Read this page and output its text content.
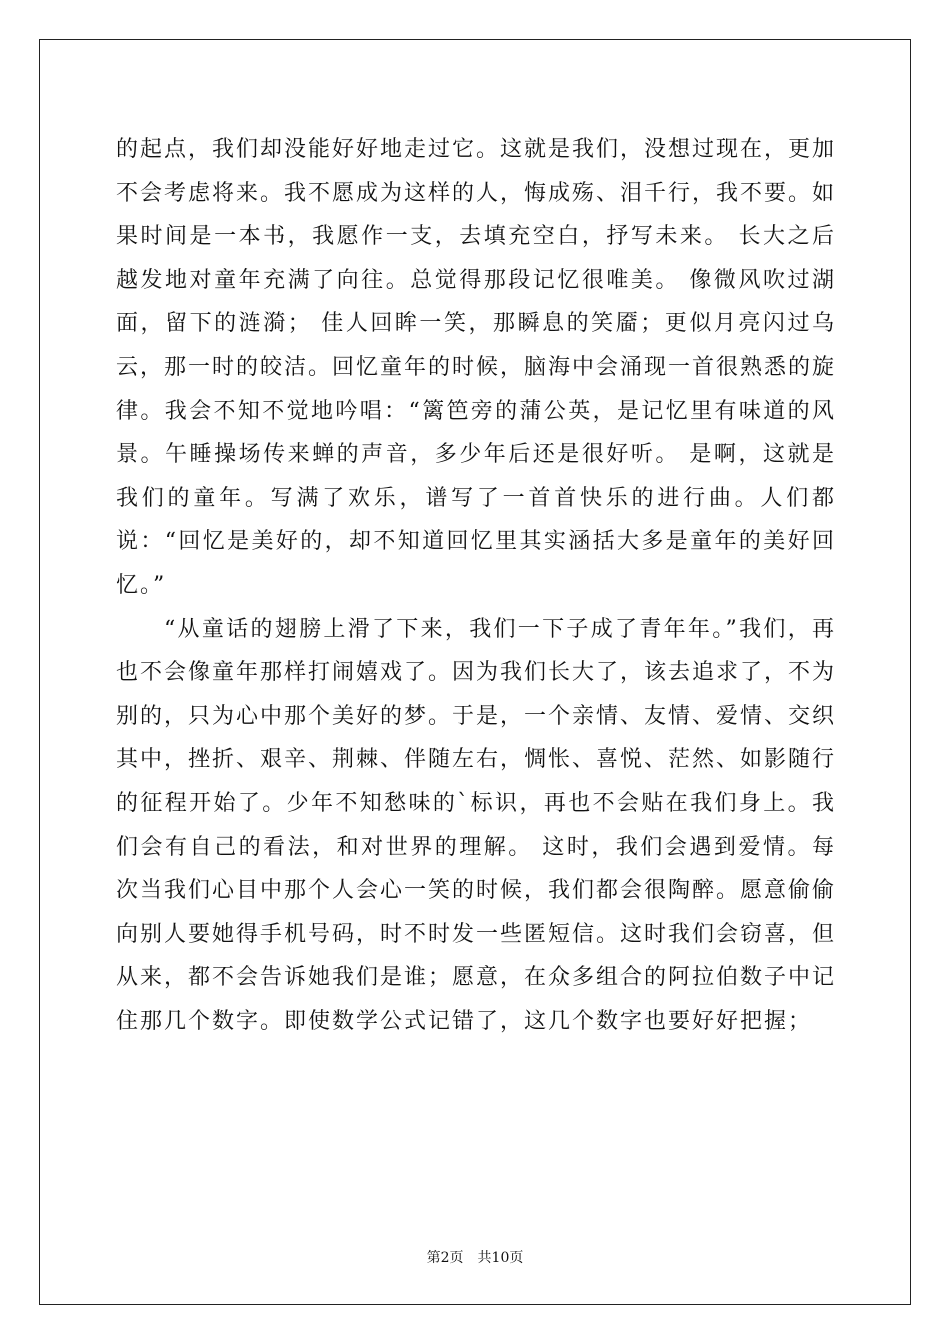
的起点，我们却没能好好地走过它。这就是我们，没想过现在，更加不会考虑将来。我不愿成为这样的人，悔成殇、泪千行，我不要。如果时间是一本书，我愿作一支，去填充空白，抒写未来。 长大之后越发地对童年充满了向往。总觉得那段记忆很唯美。 像微风吹过湖面，留下的涟漪； 佳人回眸一笑，那瞬息的笑靥；更似月亮闪过乌云，那一时的皎洁。回忆童年的时候，脑海中会涌现一首很熟悉的旋律。我会不知不觉地吟唱：“篱笆旁的蒲公英，是记忆里有味道的风景。午睡操场传来蝉的声音，多少年后还是很好听。 是啊，这就是我们的童年。写满了欢乐，谱写了一首首快乐的进行曲。人们都说：“回忆是美好的，却不知道回忆里其实涵括大多是童年的美好回忆。”

“从童话的翅膀上滑了下来，我们一下子成了青年年。”我们，再也不会像童年那样打闹嬉戏了。因为我们长大了，该去追求了，不为别的，只为心中那个美好的梦。于是，一个亲情、友情、爱情、交织其中，挫折、艰辛、荆棘、伴随左右，惆怅、喜悦、茫然、如影随行的征程开始了。少年不知愁味的`标识，再也不会贴在我们身上。我们会有自己的看法，和对世界的理解。 这时，我们会遇到爱情。每次当我们心目中那个人会心一笑的时候，我们都会很陶醉。愿意偷偷向别人要她得手机号码，时不时发一些匿短信。这时我们会窃喜，但从来，都不会告诉她我们是谁；愿意，在众多组合的阿拉伯数子中记住那几个数字。即使数学公式记错了，这几个数字也要好好把握；

第2页　共10页
